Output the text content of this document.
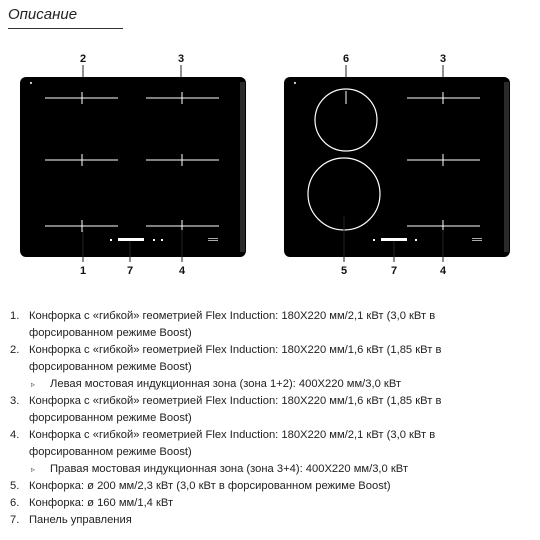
Описание
2	3
1	7	4
6	3
5	7	4
1. Конфорка с «гибкой» геометрией Flex Induction: 180X220 мм/2,1 кВт (3,0 кВт в
форсированном режиме Boost)
2. Конфорка с «гибкой» геометрией Flex Induction: 180X220 мм/1,6 кВт (1,85 кВт в
форсированном режиме Boost)
▹ Левая мостовая индукционная зона (зона 1+2): 400X220 мм/3,0 кВт
3. Конфорка с «гибкой» геометрией Flex Induction: 180X220 мм/1,6 кВт (1,85 кВт в
форсированном режиме Boost)
4. Конфорка с «гибкой» геометрией Flex Induction: 180X220 мм/2,1 кВт (3,0 кВт в
форсированном режиме Boost)
▹ Правая мостовая индукционная зона (зона 3+4): 400X220 мм/3,0 кВт
5. Конфорка: ø 200 мм/2,3 кВт (3,0 кВт в форсированном режиме Boost)
6. Конфорка: ø 160 мм/1,4 кВт
7. Панель управления
